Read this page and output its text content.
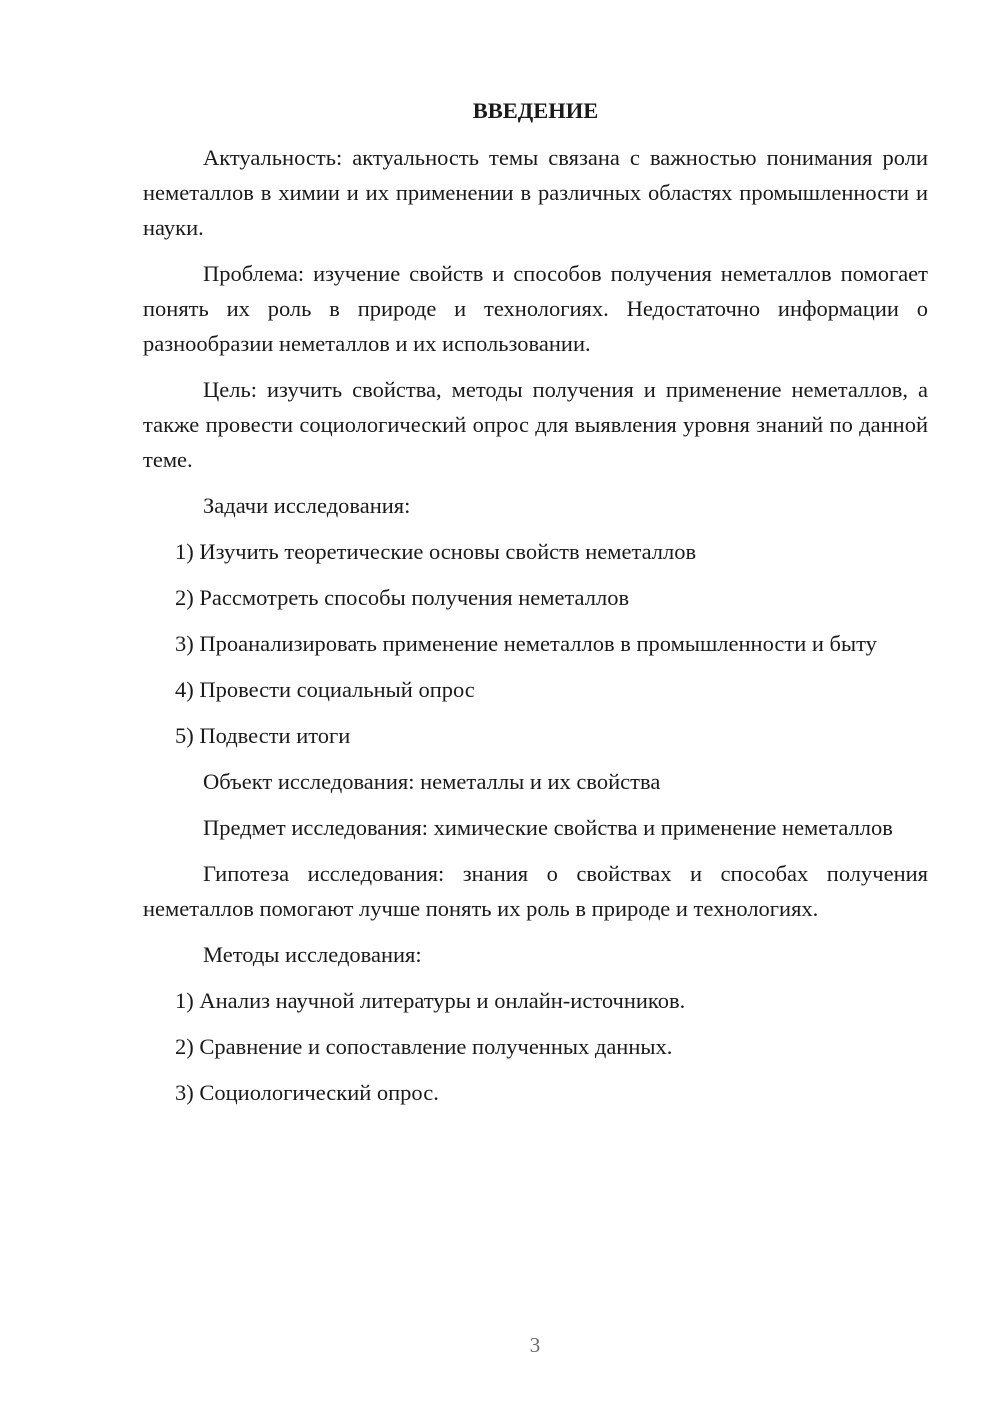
ВВЕДЕНИЕ

Актуальность: актуальность темы связана с важностью понимания роли неметаллов в химии и их применении в различных областях промышленности и науки.

Проблема: изучение свойств и способов получения неметаллов помогает понять их роль в природе и технологиях. Недостаточно информации о разнообразии неметаллов и их использовании.

Цель: изучить свойства, методы получения и применение неметаллов, а также провести социологический опрос для выявления уровня знаний по данной теме.

Задачи исследования:

1) Изучить теоретические основы свойств неметаллов

2) Рассмотреть способы получения неметаллов

3) Проанализировать применение неметаллов в промышленности и быту

4) Провести социальный опрос

5) Подвести итоги

Объект исследования: неметаллы и их свойства

Предмет исследования: химические свойства и применение неметаллов

Гипотеза исследования: знания о свойствах и способах получения неметаллов помогают лучше понять их роль в природе и технологиях.

Методы исследования:

1) Анализ научной литературы и онлайн-источников.

2) Сравнение и сопоставление полученных данных.

3) Социологический опрос.

3
